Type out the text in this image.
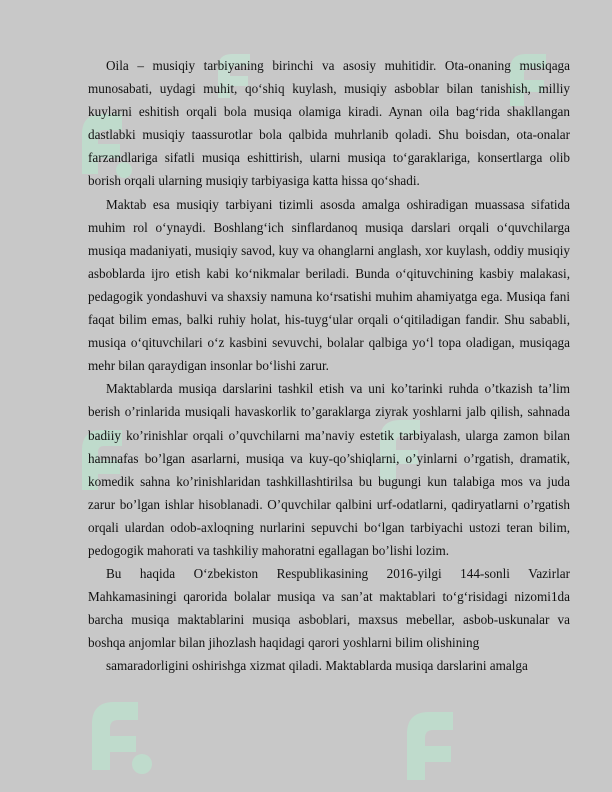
Oila – musiqiy tarbiyaning birinchi va asosiy muhitidir. Ota-onaning musiqaga munosabati, uydagi muhit, qo‘shiq kuylash, musiqiy asboblar bilan tanishish, milliy kuylarni eshitish orqali bola musiqa olamiga kiradi. Aynan oila bag‘rida shakllangan dastlabki musiqiy taassurotlar bola qalbida muhrlanib qoladi. Shu boisdan, ota-onalar farzandlariga sifatli musiqa eshittirish, ularni musiqa to‘garaklariga, konsertlarga olib borish orqali ularning musiqiy tarbiyasiga katta hissa qo‘shadi.

Maktab esa musiqiy tarbiyani tizimli asosda amalga oshiradigan muassasa sifatida muhim rol o‘ynaydi. Boshlang‘ich sinflardanoq musiqa darslari orqali o‘quvchilarga musiqa madaniyati, musiqiy savod, kuy va ohanglarni anglash, xor kuylash, oddiy musiqiy asboblarda ijro etish kabi ko‘nikmalar beriladi. Bunda o‘qituvchining kasbiy malakasi, pedagogik yondashuvi va shaxsiy namuna ko‘rsatishi muhim ahamiyatga ega. Musiqa fani faqat bilim emas, balki ruhiy holat, his-tuyg‘ular orqali o‘qitiladigan fandir. Shu sababli, musiqa o‘qituvchilari o‘z kasbini sevuvchi, bolalar qalbiga yo‘l topa oladigan, musiqaga mehr bilan qaraydigan insonlar bo‘lishi zarur.

Maktablarda musiqa darslarini tashkil etish va uni ko’tarinki ruhda o’tkazish ta’lim berish o’rinlarida musiqali havaskorlik to’garaklarga ziyrak yoshlarni jalb qilish, sahnada badiiy ko’rinishlar orqali o’quvchilarni ma’naviy estetik tarbiyalash, ularga zamon bilan hamnafas bo’lgan asarlarni, musiqa va kuy-qo’shiqlarni, o’yinlarni o’rgatish, dramatik, komedik sahna ko’rinishlaridan tashkillashtirilsa bu bugungi kun talabiga mos va juda zarur bo’lgan ishlar hisoblanadi. O’quvchilar qalbini urf-odatlarni, qadiryatlarni o’rgatish orqali ulardan odob-axloqning nurlarini sepuvchi bo‘lgan tarbiyachi ustozi teran bilim, pedogogik mahorati va tashkiliy mahoratni egallagan bo’lishi lozim.

Bu haqida O‘zbekiston Respublikasining 2016-yilgi 144-sonli Vazirlar Mahkamasiningi qarorida bolalar musiqa va san’at maktablari to‘g‘risidagi nizomi1da barcha musiqa maktablarini musiqa asboblari, maxsus mebellar, asbob-uskunalar va boshqa anjomlar bilan jihozlash haqidagi qarori yoshlarni bilim olishining

samaradorligini oshirishga xizmat qiladi. Maktablarda musiqa darslarini amalga
